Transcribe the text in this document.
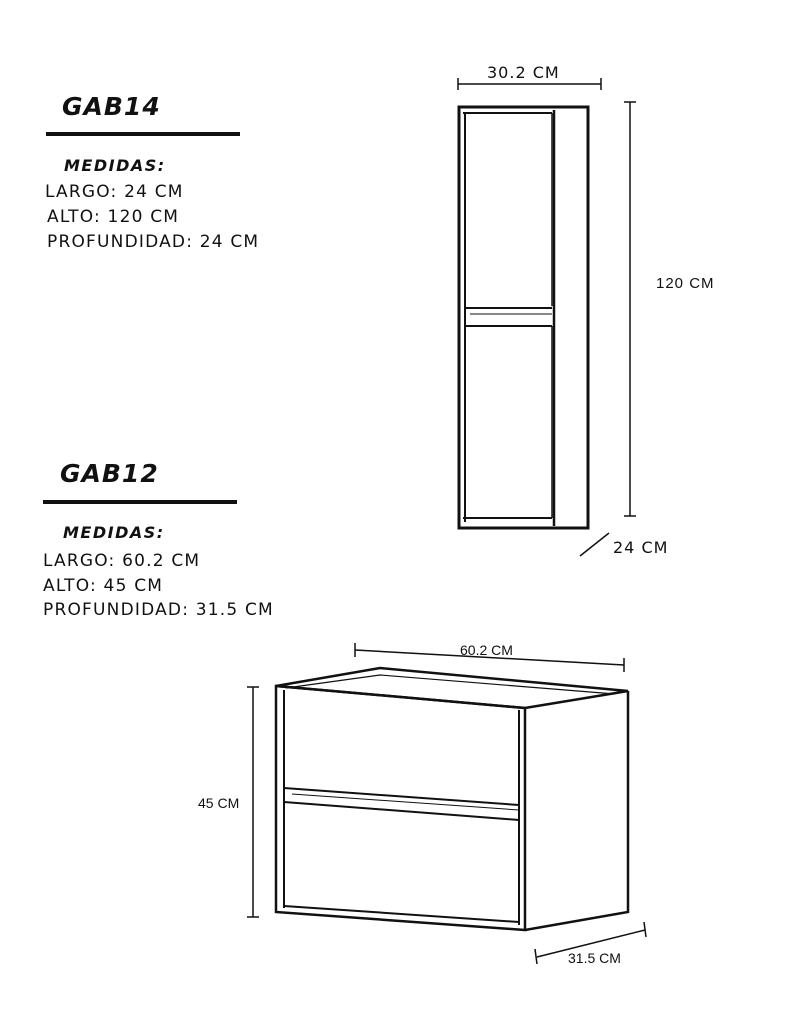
GAB14
MEDIDAS:
LARGO: 24 CM
ALTO: 120 CM
PROFUNDIDAD: 24 CM
GAB12
MEDIDAS:
LARGO: 60.2 CM
ALTO: 45 CM
PROFUNDIDAD: 31.5 CM
30.2 CM
120 CM
24 CM
60.2 CM
45 CM
31.5 CM
